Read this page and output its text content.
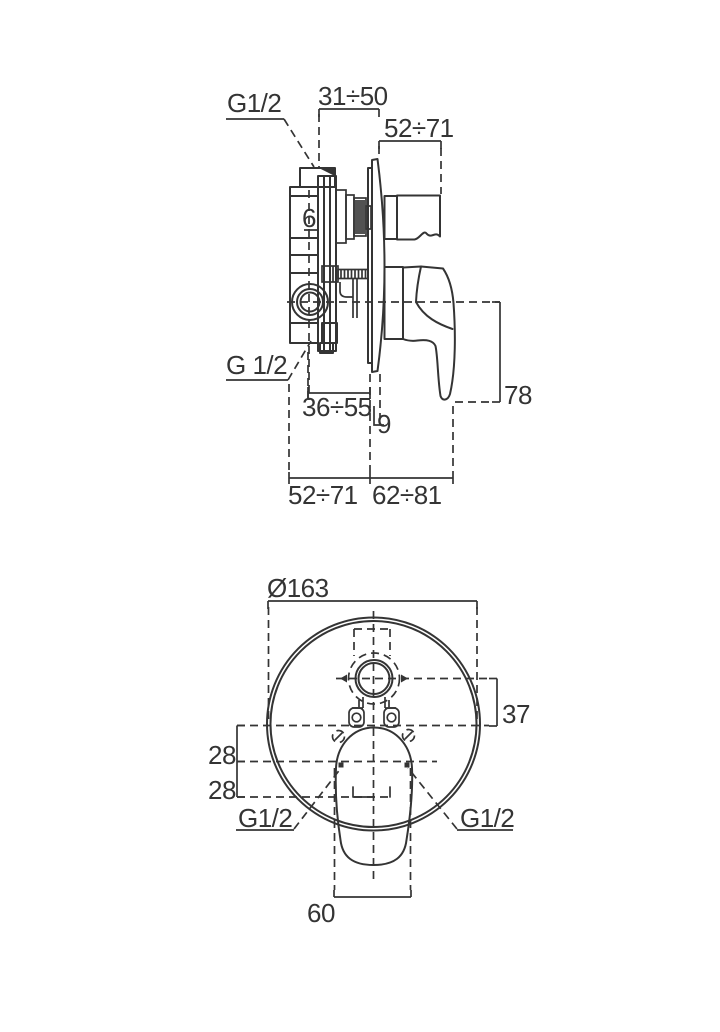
G1/2 31÷50
52÷71
6
G 1/2
36÷55
9
78
52÷71 62÷81
Ø163
37
28
28
G1/2	G1/2
60
